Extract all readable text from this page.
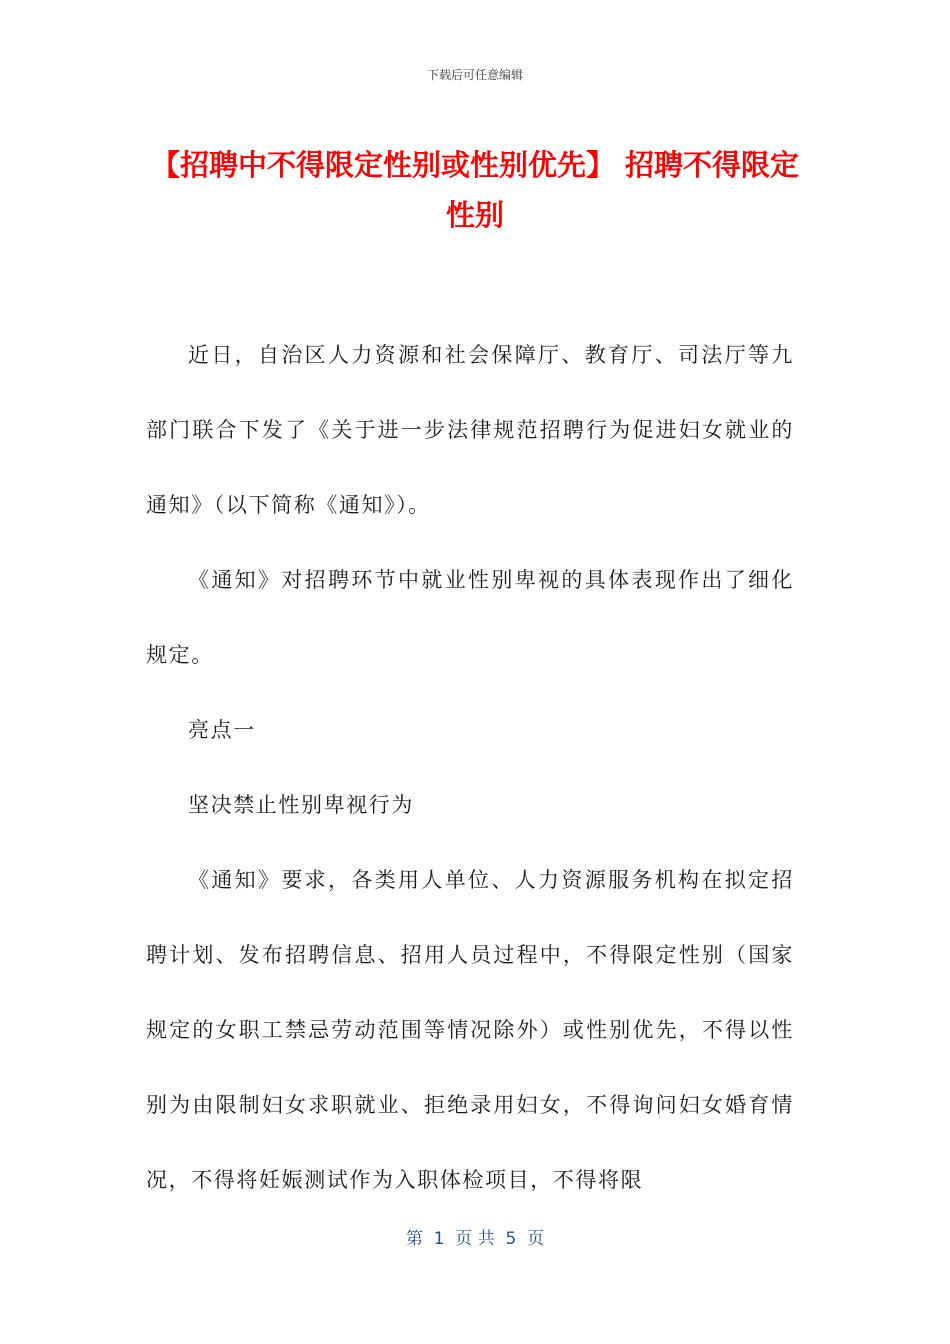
下载后可任意编辑
【招聘中不得限定性别或性别优先】 招聘不得限定性别

近日，自治区人力资源和社会保障厅、教育厅、司法厅等九部门联合下发了《关于进一步法律规范招聘行为促进妇女就业的通知》（以下简称《通知》）。

《通知》对招聘环节中就业性别卑视的具体表现作出了细化规定。

亮点一

坚决禁止性别卑视行为

《通知》要求，各类用人单位、人力资源服务机构在拟定招聘计划、发布招聘信息、招用人员过程中，不得限定性别（国家规定的女职工禁忌劳动范围等情况除外）或性别优先，不得以性别为由限制妇女求职就业、拒绝录用妇女，不得询问妇女婚育情况，不得将妊娠测试作为入职体检项目，不得将限

第  1  页 共  5  页
